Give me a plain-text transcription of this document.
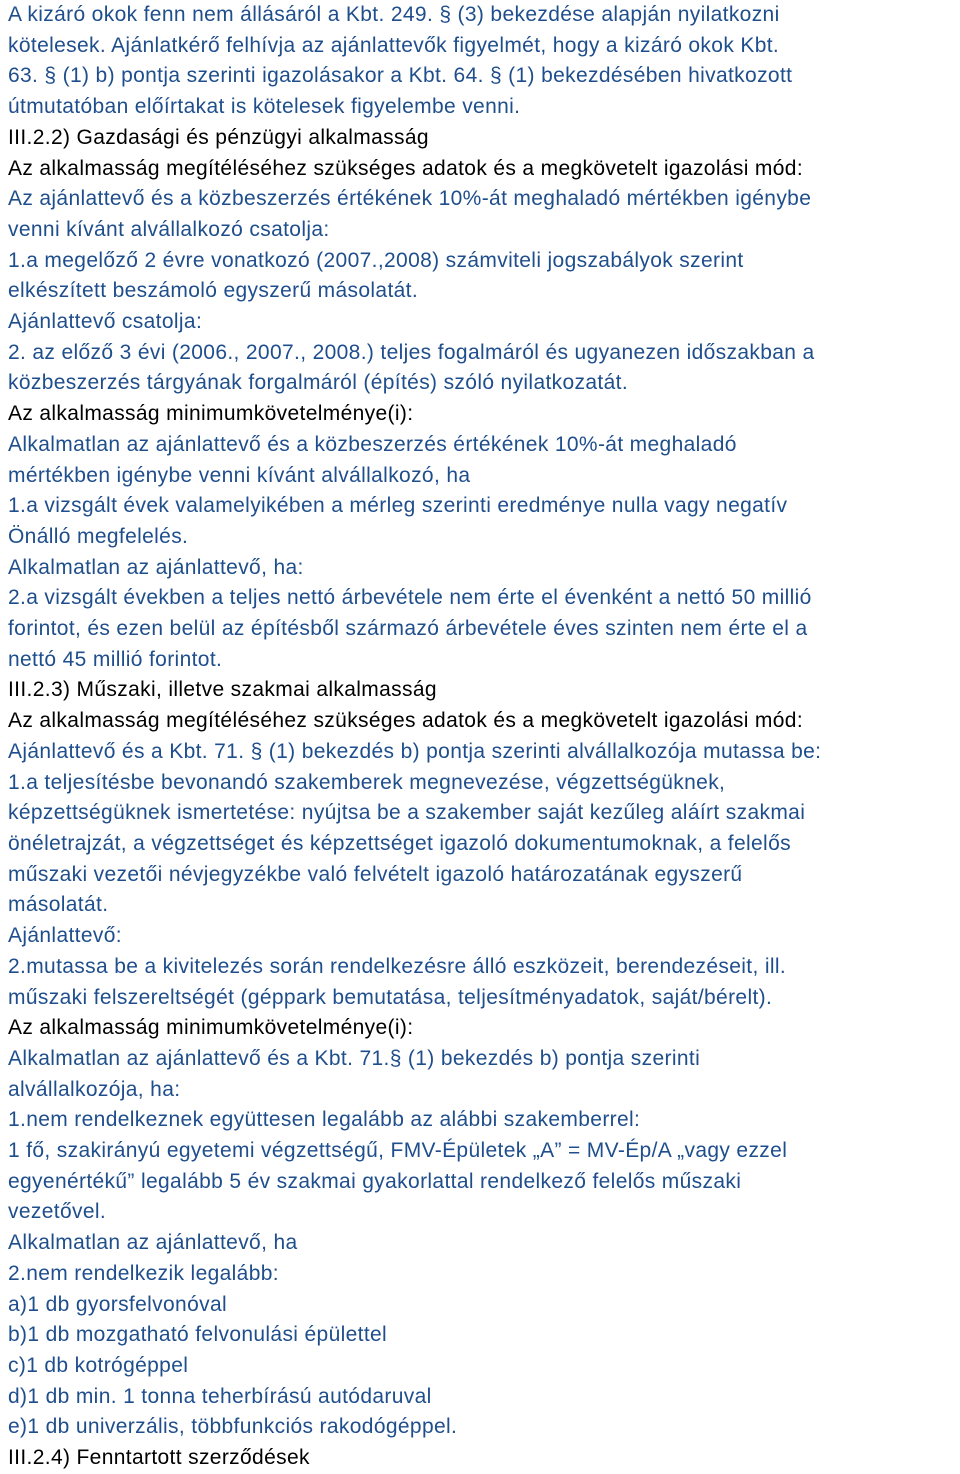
A kizáró okok fenn nem állásáról a Kbt. 249. § (3) bekezdése alapján nyilatkozni
kötelesek. Ajánlatkérő felhívja az ajánlattevők figyelmét, hogy a kizáró okok Kbt.
63. § (1) b) pontja szerinti igazolásakor a Kbt. 64. § (1) bekezdésében hivatkozott
útmutatóban előírtakat is kötelesek figyelembe venni.
III.2.2) Gazdasági és pénzügyi alkalmasság
Az alkalmasság megítéléséhez szükséges adatok és a megkövetelt igazolási mód:
Az ajánlattevő és a közbeszerzés értékének 10%-át meghaladó mértékben igénybe
venni kívánt alvállalkozó csatolja:
1.a megelőző 2 évre vonatkozó (2007.,2008) számviteli jogszabályok szerint
elkészített beszámoló egyszerű másolatát.
Ajánlattevő csatolja:
2. az előző 3 évi (2006., 2007., 2008.) teljes fogalmáról és ugyanezen időszakban a
közbeszerzés tárgyának forgalmáról (építés) szóló nyilatkozatát.
Az alkalmasság minimumkövetelménye(i):
Alkalmatlan az ajánlattevő és a közbeszerzés értékének 10%-át meghaladó
mértékben igénybe venni kívánt alvállalkozó, ha
1.a vizsgált évek valamelyikében a mérleg szerinti eredménye nulla vagy negatív
Önálló megfelelés.
Alkalmatlan az ajánlattevő, ha:
2.a vizsgált években a teljes nettó árbevétele nem érte el évenként a nettó 50 millió
forintot, és ezen belül az építésből származó árbevétele éves szinten nem érte el a
nettó 45 millió forintot.
III.2.3) Műszaki, illetve szakmai alkalmasság
Az alkalmasság megítéléséhez szükséges adatok és a megkövetelt igazolási mód:
Ajánlattevő és a Kbt. 71. § (1) bekezdés b) pontja szerinti alvállalkozója mutassa be:
1.a teljesítésbe bevonandó szakemberek megnevezése, végzettségüknek,
képzettségüknek ismertetése: nyújtsa be a szakember saját kezűleg aláírt szakmai
önéletrajzát, a végzettséget és képzettséget igazoló dokumentumoknak, a felelős
műszaki vezetői névjegyzékbe való felvételt igazoló határozatának egyszerű
másolatát.
Ajánlattevő:
2.mutassa be a kivitelezés során rendelkezésre álló eszközeit, berendezéseit, ill.
műszaki felszereltségét (géppark bemutatása, teljesítményadatok, saját/bérelt).
Az alkalmasság minimumkövetelménye(i):
Alkalmatlan az ajánlattevő és a Kbt. 71.§ (1) bekezdés b) pontja szerinti
alvállalkozója, ha:
1.nem rendelkeznek együttesen legalább az alábbi szakemberrel:
1 fő, szakirányú egyetemi végzettségű, FMV-Épületek „A” = MV-Ép/A „vagy ezzel
egyenértékű” legalább 5 év szakmai gyakorlattal rendelkező felelős műszaki
vezetővel.
Alkalmatlan az ajánlattevő, ha
2.nem rendelkezik legalább:
a)1 db gyorsfelvonóval
b)1 db mozgatható felvonulási épülettel
c)1 db kotrógéppel
d)1 db min. 1 tonna teherbírású autódaruval
e)1 db univerzális, többfunkciós rakodógéppel.
III.2.4) Fenntartott szerződések
